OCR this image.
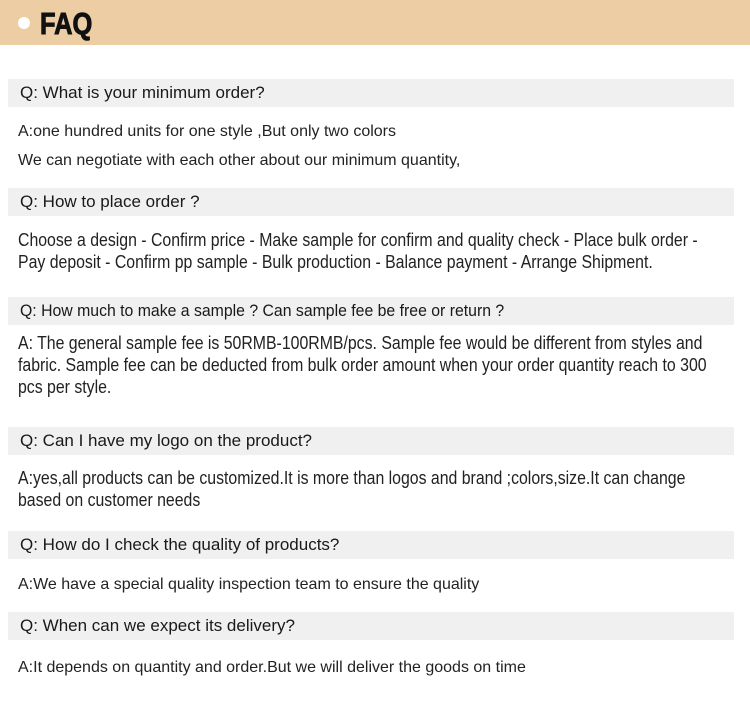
FAQ
Q: What is your minimum order?
A:one hundred units for one style ,But only two colors
We can negotiate with each other about our minimum quantity,
Q: How to place order ?
Choose a design - Confirm price - Make sample for confirm and quality check - Place bulk order -
Pay deposit - Confirm pp sample - Bulk production - Balance payment - Arrange Shipment.
Q: How much to make a sample ? Can sample fee be free or return ?
A: The general sample fee is 50RMB-100RMB/pcs. Sample fee would be different from styles and
fabric. Sample fee can be deducted from bulk order amount when your order quantity reach to 300
pcs per style.
Q: Can I have my logo on the product?
A:yes,all products can be customized.It is more than logos and brand ;colors,size.It can change
based on customer needs
Q: How do I check the quality of products?
A:We have a special quality inspection team to ensure the quality
Q: When can we expect its delivery?
A:It depends on quantity and order.But we will deliver the goods on time
